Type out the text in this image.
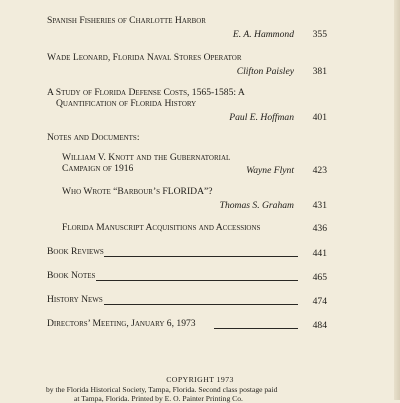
Spanish Fisheries of Charlotte Harbor
E. A. Hammond	355
Wade Leonard, Florida Naval Stores Operator
Clifton Paisley	381
A Study of Florida Defense Costs, 1565-1585: A
Quantification of Florida History
Paul E. Hoffman	401
Notes and Documents:
William V. Knott and the Gubernatorial
Campaign of 1916	Wayne Flynt	423
Who Wrote “Barbour’s FLORIDA”?
Thomas S. Graham	431
Florida Manuscript Acquisitions and Accessions	436
Book Reviews	441
Book Notes	465
History News	474
Directors’ Meeting, January 6, 1973	484
COPYRIGHT 1973
by the Florida Historical Society, Tampa, Florida. Second class postage paid
at Tampa, Florida. Printed by E. O. Painter Printing Co.
